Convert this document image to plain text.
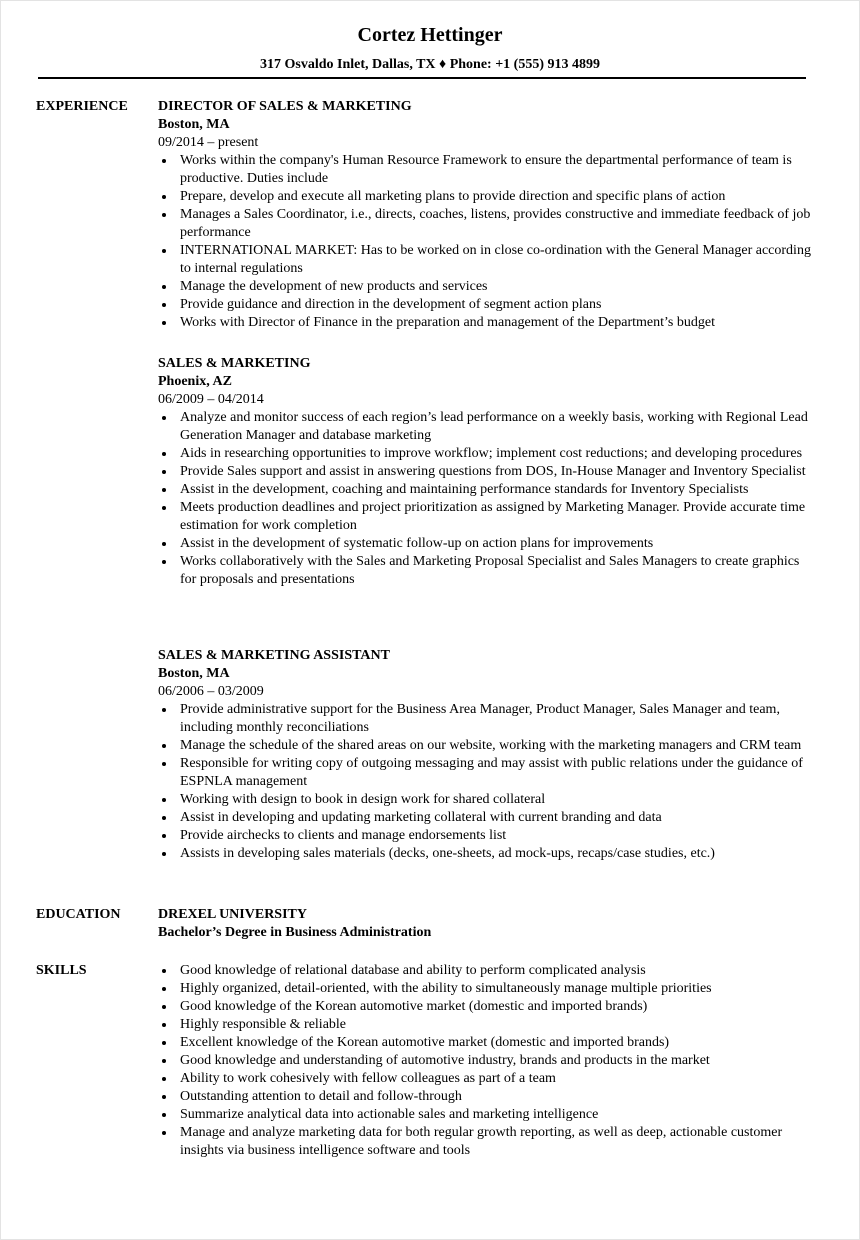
Cortez Hettinger
317 Osvaldo Inlet, Dallas, TX ♦ Phone: +1 (555) 913 4899
EXPERIENCE DIRECTOR OF SALES & MARKETING
Boston, MA
09/2014 – present
Works within the company's Human Resource Framework to ensure the departmental performance of team is productive. Duties include
Prepare, develop and execute all marketing plans to provide direction and specific plans of action
Manages a Sales Coordinator, i.e., directs, coaches, listens, provides constructive and immediate feedback of job performance
INTERNATIONAL MARKET: Has to be worked on in close co-ordination with the General Manager according to internal regulations
Manage the development of new products and services
Provide guidance and direction in the development of segment action plans
Works with Director of Finance in the preparation and management of the Department’s budget
SALES & MARKETING
Phoenix, AZ
06/2009 – 04/2014
Analyze and monitor success of each region’s lead performance on a weekly basis, working with Regional Lead Generation Manager and database marketing
Aids in researching opportunities to improve workflow; implement cost reductions; and developing procedures
Provide Sales support and assist in answering questions from DOS, In-House Manager and Inventory Specialist
Assist in the development, coaching and maintaining performance standards for Inventory Specialists
Meets production deadlines and project prioritization as assigned by Marketing Manager. Provide accurate time estimation for work completion
Assist in the development of systematic follow-up on action plans for improvements
Works collaboratively with the Sales and Marketing Proposal Specialist and Sales Managers to create graphics for proposals and presentations
SALES & MARKETING ASSISTANT
Boston, MA
06/2006 – 03/2009
Provide administrative support for the Business Area Manager, Product Manager, Sales Manager and team, including monthly reconciliations
Manage the schedule of the shared areas on our website, working with the marketing managers and CRM team
Responsible for writing copy of outgoing messaging and may assist with public relations under the guidance of ESPNLA management
Working with design to book in design work for shared collateral
Assist in developing and updating marketing collateral with current branding and data
Provide airchecks to clients and manage endorsements list
Assists in developing sales materials (decks, one-sheets, ad mock-ups, recaps/case studies, etc.)
EDUCATION	DREXEL UNIVERSITY
Bachelor’s Degree in Business Administration
SKILLS	Good knowledge of relational database and ability to perform complicated analysis
Highly organized, detail-oriented, with the ability to simultaneously manage multiple priorities
Good knowledge of the Korean automotive market (domestic and imported brands)
Highly responsible & reliable
Excellent knowledge of the Korean automotive market (domestic and imported brands)
Good knowledge and understanding of automotive industry, brands and products in the market
Ability to work cohesively with fellow colleagues as part of a team
Outstanding attention to detail and follow-through
Summarize analytical data into actionable sales and marketing intelligence
Manage and analyze marketing data for both regular growth reporting, as well as deep, actionable customer insights via business intelligence software and tools
